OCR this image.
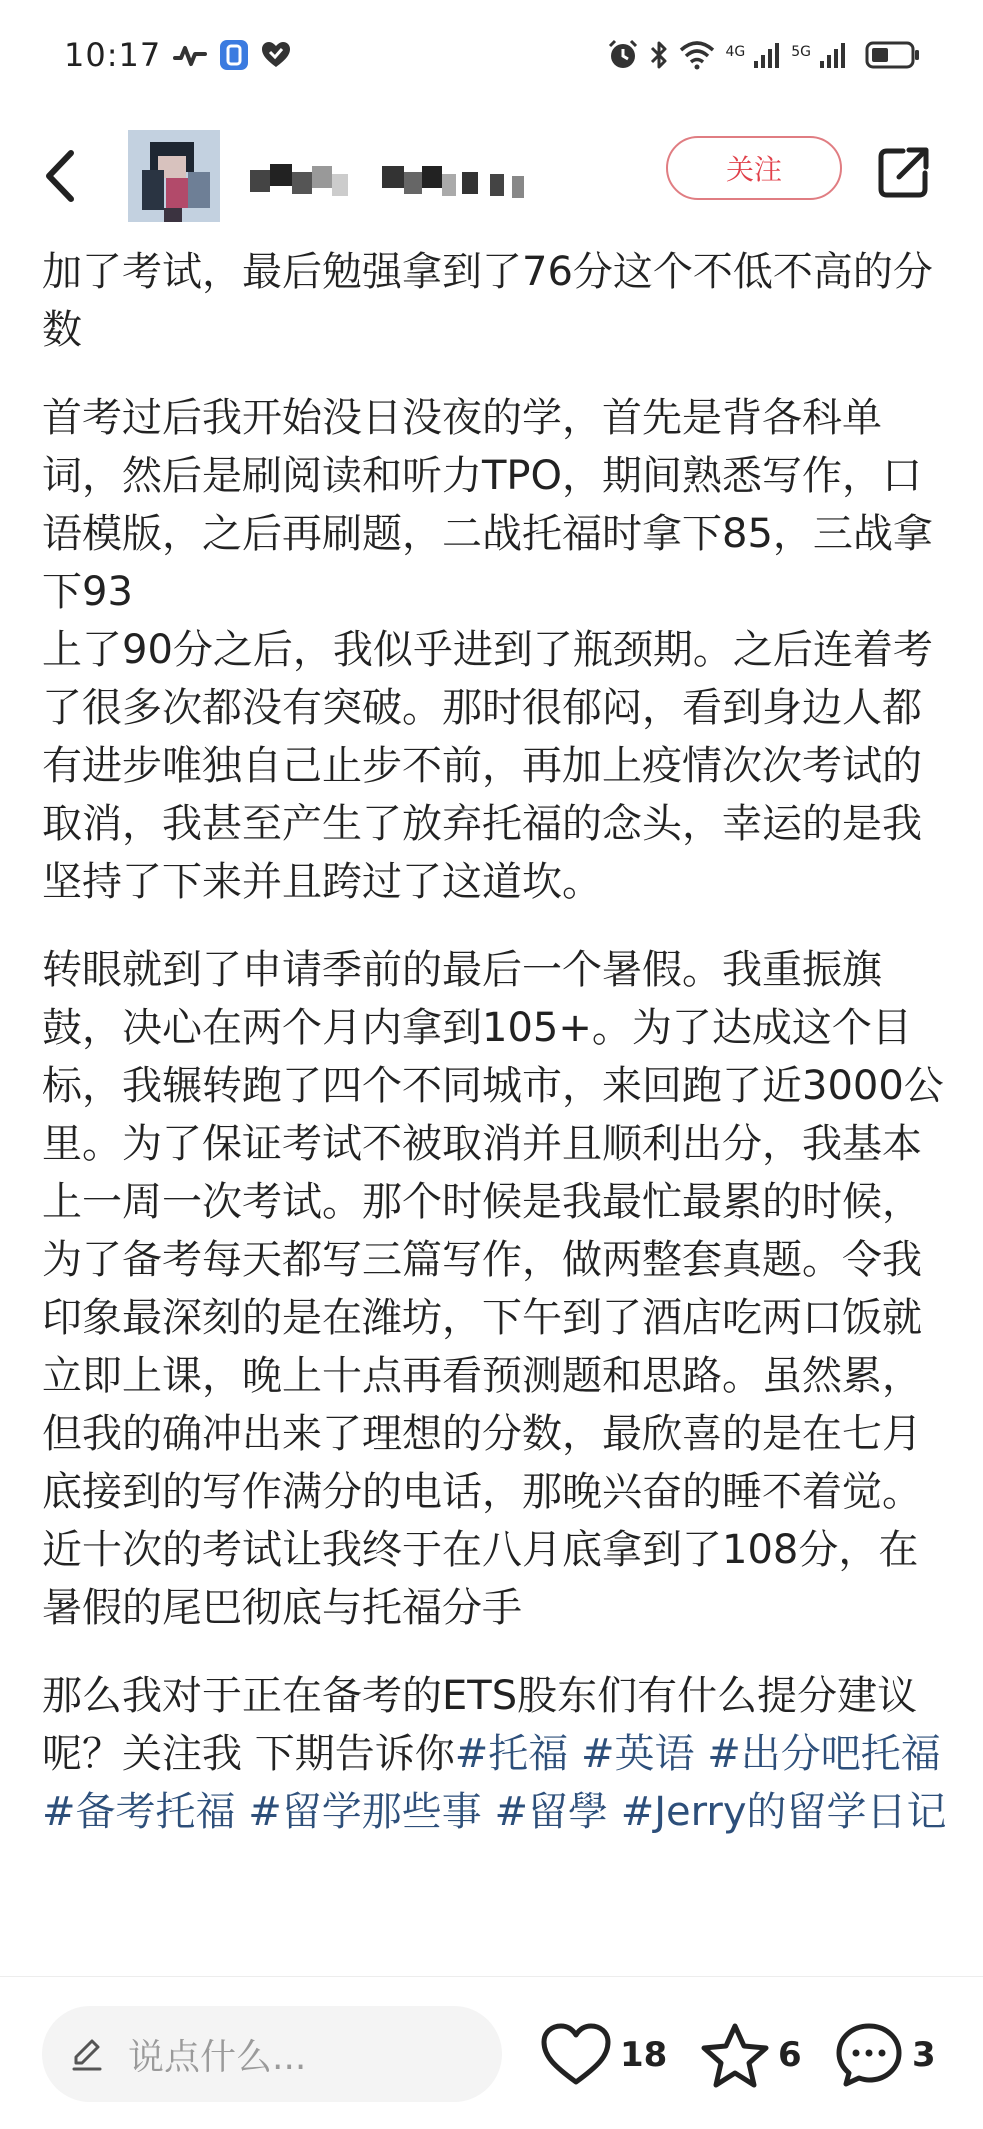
10:17	4G	5G
关注

加了考试，最后勉强拿到了76分这个不低不高的分数

首考过后我开始没日没夜的学，首先是背各科单词，然后是刷阅读和听力TPO，期间熟悉写作，口语模版，之后再刷题，二战托福时拿下85，三战拿下93

上了90分之后，我似乎进到了瓶颈期。之后连着考了很多次都没有突破。那时很郁闷，看到身边人都有进步唯独自己止步不前，再加上疫情次次考试的取消，我甚至产生了放弃托福的念头，幸运的是我坚持了下来并且跨过了这道坎。

转眼就到了申请季前的最后一个暑假。我重振旗鼓，决心在两个月内拿到105+。为了达成这个目标，我辗转跑了四个不同城市，来回跑了近3000公里。为了保证考试不被取消并且顺利出分，我基本上一周一次考试。那个时候是我最忙最累的时候，为了备考每天都写三篇写作，做两整套真题。令我印象最深刻的是在潍坊，下午到了酒店吃两口饭就立即上课，晚上十点再看预测题和思路。虽然累，但我的确冲出来了理想的分数，最欣喜的是在七月底接到的写作满分的电话，那晚兴奋的睡不着觉。近十次的考试让我终于在八月底拿到了108分，在暑假的尾巴彻底与托福分手

那么我对于正在备考的ETS股东们有什么提分建议呢？关注我 下期告诉你#托福 #英语 #出分吧托福 #备考托福 #留学那些事 #留學 #Jerry的留学日记

说点什么...	18	6	3
